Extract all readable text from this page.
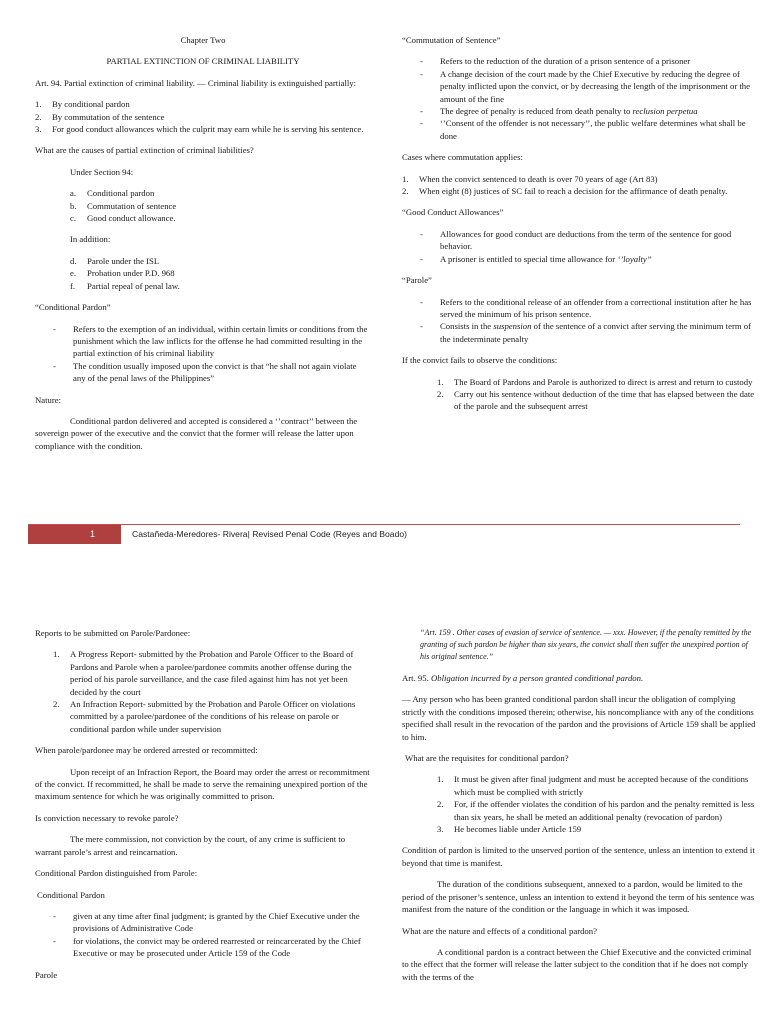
Chapter Two

PARTIAL EXTINCTION OF CRIMINAL LIABILITY

Art. 94. Partial extinction of criminal liability. — Criminal liability is extinguished partially:

1. By conditional pardon
2. By commutation of the sentence
3. For good conduct allowances which the culprit may earn while he is serving his sentence.

What are the causes of partial extinction of criminal liabilities?

Under Section 94:

a. Conditional pardon
b. Commutation of sentence
c. Good conduct allowance.

In addition:

d. Parole under the ISL
e. Probation under P.D. 968
f. Partial repeal of penal law.

“Conditional Pardon”

- Refers to the exemption of an individual, within certain limits or conditions from the punishment which the law inflicts for the offense he had committed resulting in the partial extinction of his criminal liability
- The condition usually imposed upon the convict is that “he shall not again violate any of the penal laws of the Philippines”

Nature:

Conditional pardon delivered and accepted is considered a ‘’contract’’ between the sovereign power of the executive and the convict that the former will release the latter upon compliance with the condition.

“Commutation of Sentence”

- Refers to the reduction of the duration of a prison sentence of a prisoner
- A change decision of the court made by the Chief Executive by reducing the degree of penalty inflicted upon the convict, or by decreasing the length of the imprisonment or the amount of the fine
- The degree of penalty is reduced from death penalty to reclusion perpetua
- ‘’Consent of the offender is not necessary’’, the public welfare determines what shall be done

Cases where commutation applies:

1. When the convict sentenced to death is over 70 years of age (Art 83)
2. When eight (8) justices of SC fail to reach a decision for the affirmance of death penalty.

“Good Conduct Allowances”

- Allowances for good conduct are deductions from the term of the sentence for good behavior.
- A prisoner is entitled to special time allowance for ‘’loyalty’’

“Parole”

- Refers to the conditional release of an offender from a correctional institution after he has served the minimum of his prison sentence.
- Consists in the suspension of the sentence of a convict after serving the minimum term of the indeterminate penalty

If the convict fails to observe the conditions:

1. The Board of Pardons and Parole is authorized to direct is arrest and return to custody
2. Carry out his sentence without deduction of the time that has elapsed between the date of the parole and the subsequent arrest
1	Castañeda-Meredores- Rivera| Revised Penal Code (Reyes and Boado)

Reports to be submitted on Parole/Pardonee:

1. A Progress Report- submitted by the Probation and Parole Officer to the Board of Pardons and Parole when a parolee/pardonee commits another offense during the period of his parole surveillance, and the case filed against him has not yet been decided by the court
2. An Infraction Report- submitted by the Probation and Parole Officer on violations committed by a parolee/pardonee of the conditions of his release on parole or conditional pardon while under supervision

When parole/pardonee may be ordered arrested or recommitted:

Upon receipt of an Infraction Report, the Board may order the arrest or recommitment of the convict. If recommitted, he shall be made to serve the remaining unexpired portion of the maximum sentence for which he was originally committed to prison.

Is conviction necessary to revoke parole?

The mere commission, not conviction by the court, of any crime is sufficient to warrant parole’s arrest and reincarnation.

Conditional Pardon distinguished from Parole:

Conditional Pardon

- given at any time after final judgment; is granted by the Chief Executive under the provisions of Administrative Code
- for violations, the convict may be ordered rearrested or reincarcerated by the Chief Executive or may be prosecuted under Article 159 of the Code

Parole

“Art. 159 . Other cases of evasion of service of sentence. — xxx. However, if the penalty remitted by the granting of such pardon be higher than six years, the convict shall then suffer the unexpired portion of his original sentence.”

Art. 95. Obligation incurred by a person granted conditional pardon.

— Any person who has been granted conditional pardon shall incur the obligation of complying strictly with the conditions imposed therein; otherwise, his noncompliance with any of the conditions specified shall result in the revocation of the pardon and the provisions of Article 159 shall be applied to him.

What are the requisites for conditional pardon?

1. It must be given after final judgment and must be accepted because of the conditions which must be complied with strictly
2. For, if the offender violates the condition of his pardon and the penalty remitted is less than six years, he shall be meted an additional penalty (revocation of pardon)
3. He becomes liable under Article 159

Condition of pardon is limited to the unserved portion of the sentence, unless an intention to extend it beyond that time is manifest.

The duration of the conditions subsequent, annexed to a pardon, would be limited to the period of the prisoner’s sentence, unless an intention to extend it beyond the term of his sentence was manifest from the nature of the condition or the language in which it was imposed.

What are the nature and effects of a conditional pardon?

A conditional pardon is a contract between the Chief Executive and the convicted criminal to the effect that the former will release the latter subject to the condition that if he does not comply with the terms of the
